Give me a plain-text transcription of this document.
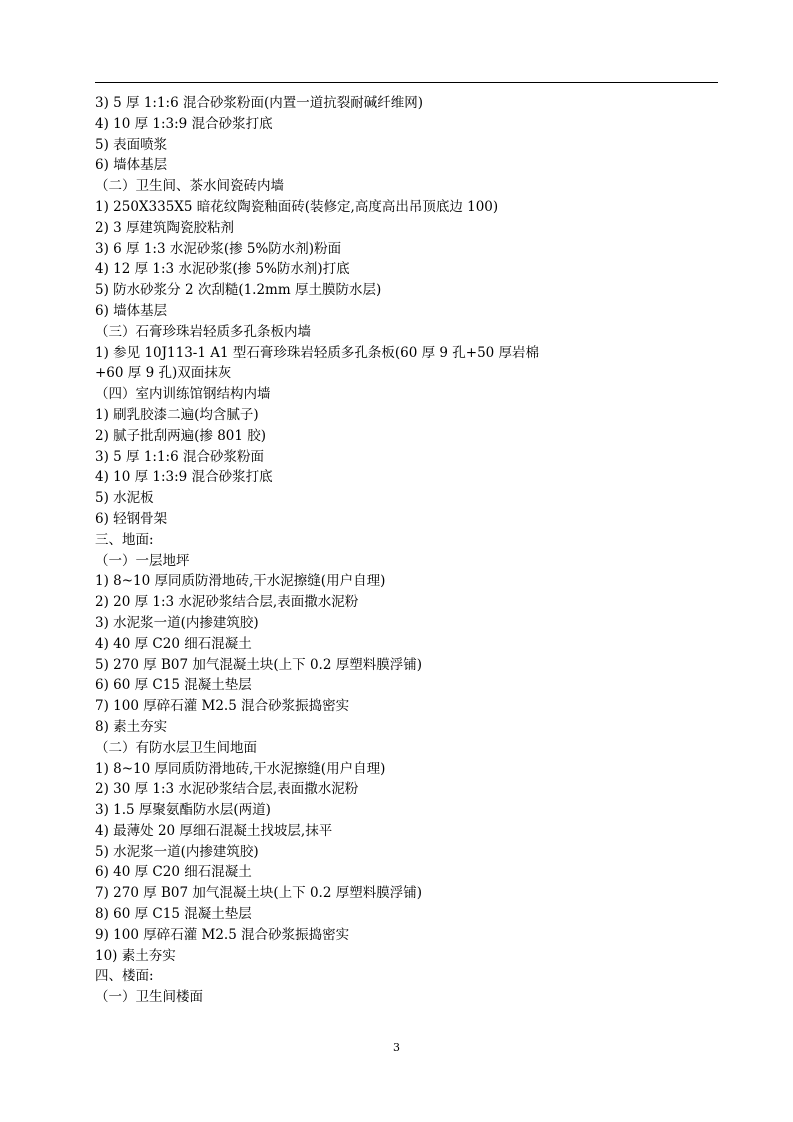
3) 5 厚 1:1:6 混合砂浆粉面(内置一道抗裂耐碱纤维网)
4) 10 厚 1:3:9 混合砂浆打底
5) 表面喷浆
6) 墙体基层
（二）卫生间、茶水间瓷砖内墙
1) 250X335X5 暗花纹陶瓷釉面砖(装修定,高度高出吊顶底边 100)
2) 3 厚建筑陶瓷胶粘剂
3) 6 厚 1:3 水泥砂浆(掺 5%防水剂)粉面
4) 12 厚 1:3 水泥砂浆(掺 5%防水剂)打底
5) 防水砂浆分 2 次刮糙(1.2mm 厚土膜防水层)
6) 墙体基层
（三）石膏珍珠岩轻质多孔条板内墙
1) 参见 10J113-1 A1 型石膏珍珠岩轻质多孔条板(60 厚 9 孔+50 厚岩棉
+60 厚 9 孔)双面抹灰
（四）室内训练馆钢结构内墙
1) 刷乳胶漆二遍(均含腻子)
2) 腻子批刮两遍(掺 801 胶)
3) 5 厚 1:1:6 混合砂浆粉面
4) 10 厚 1:3:9 混合砂浆打底
5) 水泥板
6) 轻钢骨架
三、地面:
（一）一层地坪
1) 8~10 厚同质防滑地砖,干水泥擦缝(用户自理)
2) 20 厚 1:3 水泥砂浆结合层,表面撒水泥粉
3) 水泥浆一道(内掺建筑胶)
4) 40 厚 C20 细石混凝土
5) 270 厚 B07 加气混凝土块(上下 0.2 厚塑料膜浮铺)
6) 60 厚 C15 混凝土垫层
7) 100 厚碎石灌 M2.5 混合砂浆振捣密实
8) 素土夯实
（二）有防水层卫生间地面
1) 8~10 厚同质防滑地砖,干水泥擦缝(用户自理)
2) 30 厚 1:3 水泥砂浆结合层,表面撒水泥粉
3) 1.5 厚聚氨酯防水层(两道)
4) 最薄处 20 厚细石混凝土找坡层,抹平
5) 水泥浆一道(内掺建筑胶)
6) 40 厚 C20 细石混凝土
7) 270 厚 B07 加气混凝土块(上下 0.2 厚塑料膜浮铺)
8) 60 厚 C15 混凝土垫层
9) 100 厚碎石灌 M2.5 混合砂浆振捣密实
10) 素土夯实
四、楼面:
（一）卫生间楼面
3
